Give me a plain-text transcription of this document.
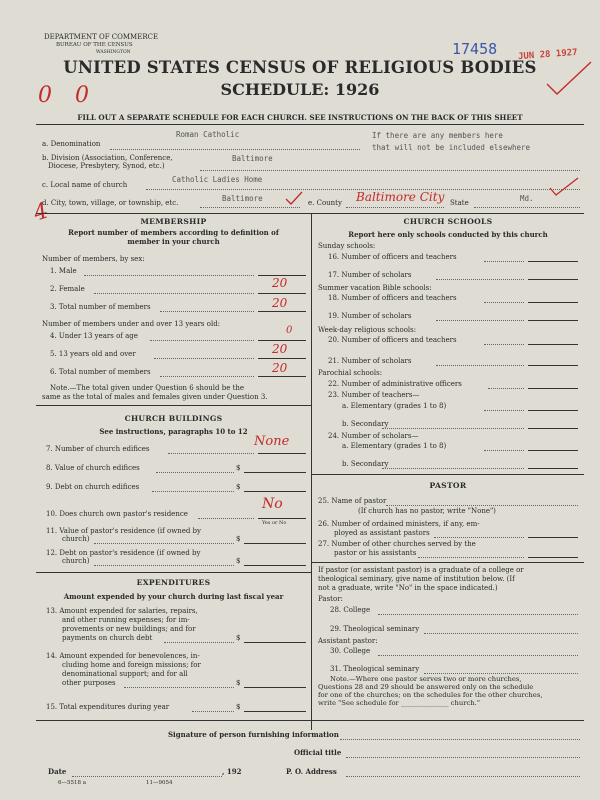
DEPARTMENT OF COMMERCE
BUREAU OF THE CENSUS
WASHINGTON
UNITED STATES CENSUS OF RELIGIOUS BODIES
SCHEDULE: 1926
FILL OUT A SEPARATE SCHEDULE FOR EACH CHURCH. SEE INSTRUCTIONS ON THE BACK OF THIS SHEET
17458 JUN 28 1927
0 0
a. Denomination
Roman Catholic	If there are any members here
that will not be included elsewhere
b. Division (Association, Conference,
Diocese, Presbytery, Synod, etc.)
Baltimore
c. Local name of church
Catholic Ladies Home
d. City, town, village, or township, etc.	Baltimore	e. County Baltimore City State	Md.
4	MEMBERSHIP
Report number of members according to definition of
member in your church
Number of members, by sex:
1. Male
2. Female	20
3. Total number of members	20
Number of members under and over 13 years old:
4. Under 13 years of age	0
5. 13 years old and over	20
6. Total number of members	20
Note.—The total given under Question 6 should be the
same as the total of males and females given under Question 3.
CHURCH BUILDINGS
See instructions, paragraphs 10 to 12
7. Number of church edifices	None
8. Value of church edifices	$
9. Debt on church edifices	$
10. Does church own pastor's residence
No
Yes or No
11. Value of pastor's residence (if owned by
church)	$
12. Debt on pastor's residence (if owned by
church)	$
EXPENDITURES
Amount expended by your church during last fiscal year
13. Amount expended for salaries, repairs,
and other running expenses; for im-
provements or new buildings; and for
payments on church debt	$
14. Amount expended for benevolences, in-
cluding home and foreign missions; for
denominational support; and for all
other purposes	$
15. Total expenditures during year	$
CHURCH SCHOOLS
Report here only schools conducted by this church
Sunday schools:
16. Number of officers and teachers
17. Number of scholars
Summer vacation Bible schools:
18. Number of officers and teachers
19. Number of scholars
Week-day religious schools:
20. Number of officers and teachers
21. Number of scholars
Parochial schools:
22. Number of administrative officers
23. Number of teachers—
a. Elementary (grades 1 to 8)
b. Secondary
24. Number of scholars—
a. Elementary (grades 1 to 8)
b. Secondary
PASTOR
25. Name of pastor
(If church has no pastor, write "None")
26. Number of ordained ministers, if any, em-
ployed as assistant pastors
27. Number of other churches served by the
pastor or his assistants
If pastor (or assistant pastor) is a graduate of a college or
theological seminary, give name of institution below. (If
not a graduate, write "No" in the space indicated.)
Pastor:
28. College
29. Theological seminary
Assistant pastor:
30. College
31. Theological seminary
Note.—Where one pastor serves two or more churches,
Questions 28 and 29 should be answered only on the schedule
for one of the churches; on the schedules for the other churches,
write "See schedule for ______________ church."
Signature of person furnishing information
Official title
Date	, 192	P. O. Address
6—5518 a	11—9054
